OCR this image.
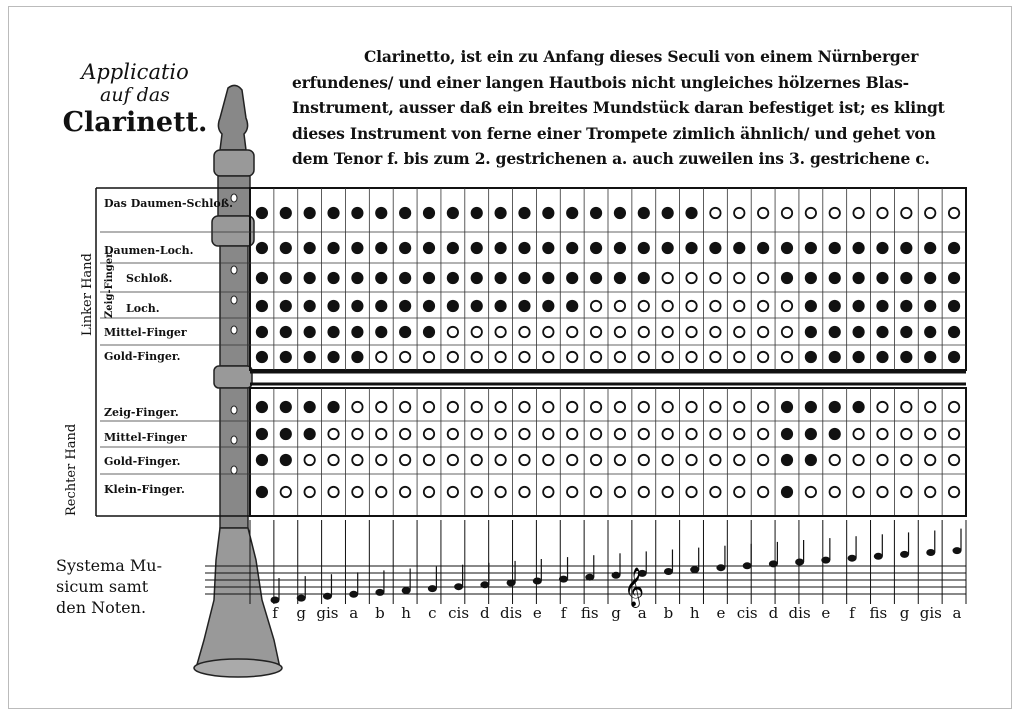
Applicatio
auf das
Clarinett.
Clarinetto, ist ein zu Anfang dieses Seculi von einem Nürnberger
erfundenes/ und einer langen Hautbois nicht ungleiches hölzernes Blas-
Instrument, ausser daß ein breites Mundstück daran befestiget ist; es klingt
dieses Instrument von ferne einer Trompete zimlich ähnlich/ und gehet von
dem Tenor f. bis zum 2. gestrichenen a. auch zuweilen ins 3. gestrichene c.
𝄞
Rechter Hand
Linker Hand
Das Daumen-Schloß.
Daumen-Loch.
Zeig-Finger. Schloß.
Loch.
Mittel-Finger
Gold-Finger.
Zeig-Finger.
Mittel-Finger
Gold-Finger.
Klein-Finger.
Systema Mu-
sicum samt
den Noten.	f g gis a b h c cis d dis e f fis g a b h e cis d dis e f fis g gis a
